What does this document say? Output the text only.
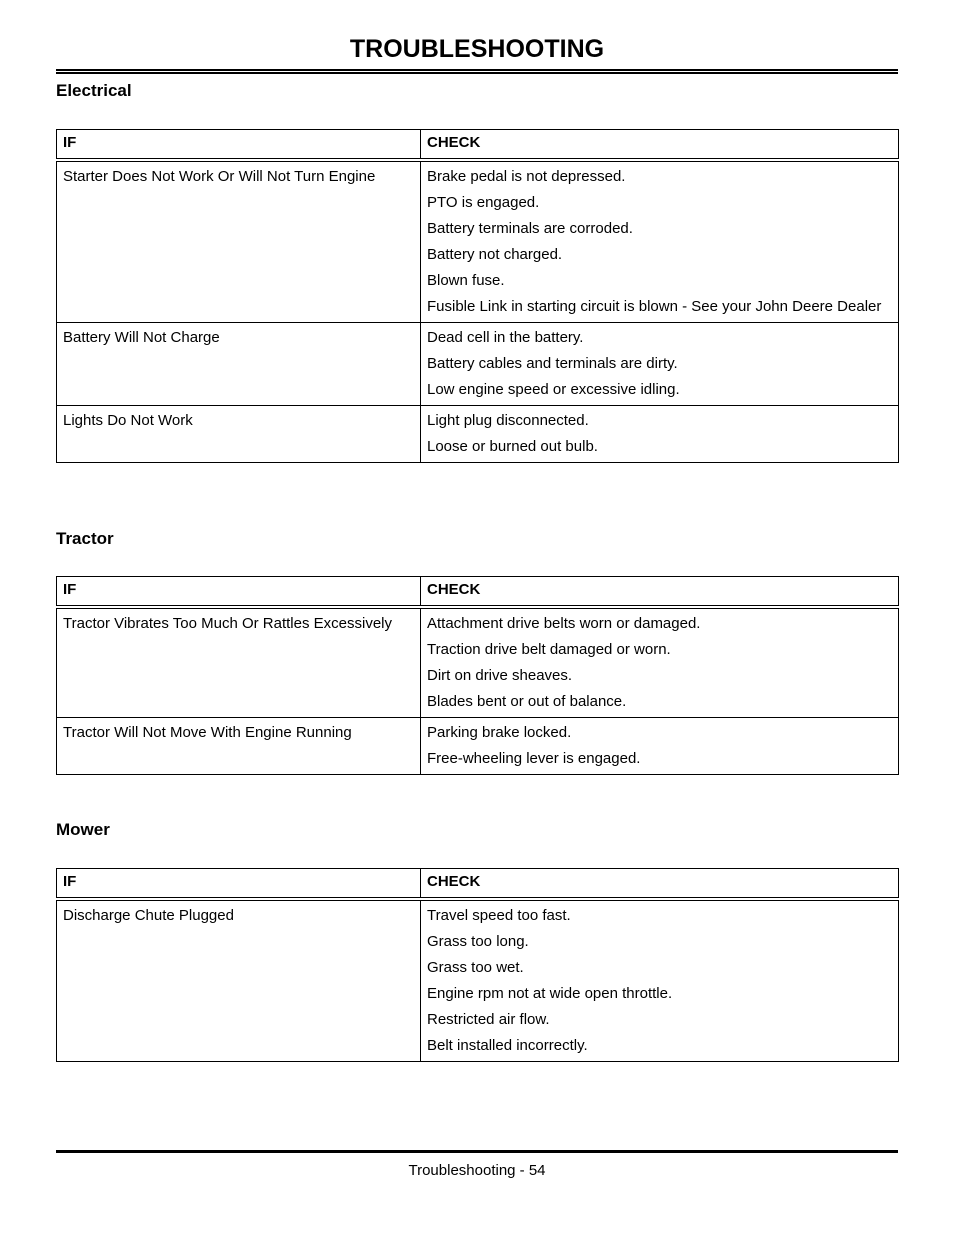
TROUBLESHOOTING
Electrical
IF	CHECK

Starter Does Not Work Or Will Not Turn Engine	Brake pedal is not depressed.
PTO is engaged.
Battery terminals are corroded.
Battery not charged.
Blown fuse.
Fusible Link in starting circuit is blown - See your John Deere Dealer

Battery Will Not Charge	Dead cell in the battery.
Battery cables and terminals are dirty.
Low engine speed or excessive idling.

Lights Do Not Work	Light plug disconnected.
Loose or burned out bulb.
Tractor
IF	CHECK

Tractor Vibrates Too Much Or Rattles Excessively	Attachment drive belts worn or damaged.
Traction drive belt damaged or worn.
Dirt on drive sheaves.
Blades bent or out of balance.

Tractor Will Not Move With Engine Running	Parking brake locked.
Free-wheeling lever is engaged.
Mower
IF	CHECK

Discharge Chute Plugged	Travel speed too fast.
Grass too long.
Grass too wet.
Engine rpm not at wide open throttle.
Restricted air flow.
Belt installed incorrectly.
Troubleshooting - 54
